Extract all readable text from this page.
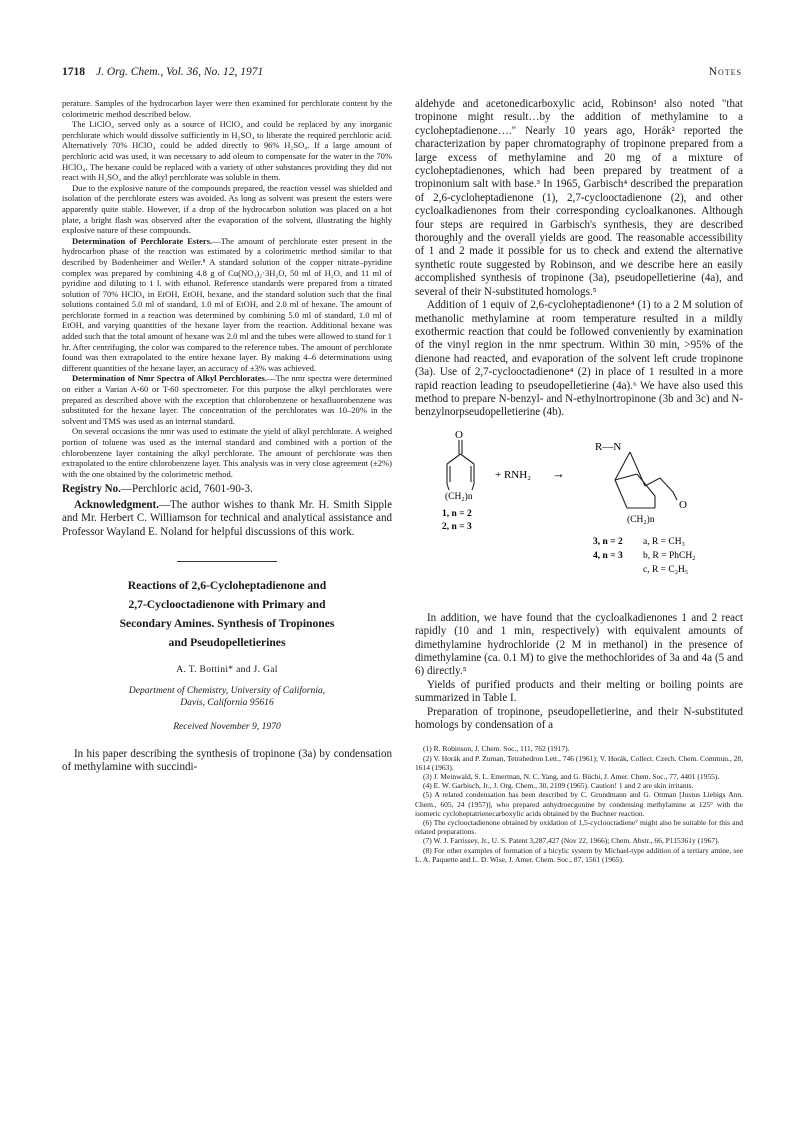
1718 J. Org. Chem., Vol. 36, No. 12, 1971	Notes

perature. Samples of the hydrocarbon layer were then examined for perchlorate content by the colorimetric method described below.

The LiClO₄ served only as a source of HClO₄ and could be replaced by any inorganic perchlorate which would dissolve sufficiently in H₂SO₄ to liberate the required perchloric acid. Alternatively 70% HClO₄ could be added directly to 96% H₂SO₄. If a large amount of perchloric acid was used, it was necessary to add oleum to compensate for the water in the 70% HClO₄. The hexane could be replaced with a variety of other substances providing they did not react with H₂SO₄ and the alkyl perchlorate was soluble in them.

Due to the explosive nature of the compounds prepared, the reaction vessel was shielded and isolation of the perchlorate esters was avoided. As long as solvent was present the esters were apparently quite stable. However, if a drop of the hydrocarbon solution was placed on a hot plate, a bright flash was observed after the evaporation of the solvent, illustrating the highly explosive nature of these compounds.

Determination of Perchlorate Esters.—The amount of perchlorate ester present in the hydrocarbon phase of the reaction was estimated by a colorimetric method similar to that described by Bodenheimer and Weiler.⁸ A standard solution of the copper nitrate–pyridine complex was prepared by combining 4.8 g of Cu(NO₃)₂·3H₂O, 50 ml of H₂O, and 11 ml of pyridine and diluting to 1 l. with ethanol. Reference standards were prepared from a titrated solution of 70% HClO₄ in EtOH, EtOH, hexane, and the standard solution such that the final solutions contained 5.0 ml of standard, 1.0 ml of EtOH, and 2.0 ml of hexane. The amount of perchlorate formed in a reaction was determined by combining 5.0 ml of standard, 1.0 ml of EtOH, and varying quantities of the hexane layer from the reaction. Additional hexane was added such that the total amount of hexane was 2.0 ml and the tubes were allowed to stand for 1 hr. After centrifuging, the color was compared to the reference tubes. The amount of perchlorate found was then extrapolated to the entire hexane layer. By making 4–6 determinations using different quantities of the hexane layer, an accuracy of ±3% was achieved.

Determination of Nmr Spectra of Alkyl Perchlorates.—The nmr spectra were determined on either a Varian A-60 or T-60 spectrometer. For this purpose the alkyl perchlorates were prepared as described above with the exception that chlorobenzene or hexafluorobenzene was substituted for the hexane layer. The concentration of the perchlorates was 10–20% in the solvent and TMS was used as an internal standard.

On several occasions the nmr was used to estimate the yield of alkyl perchlorate. A weighed portion of toluene was used as the internal standard and combined with a portion of the chlorobenzene layer containing the alkyl perchlorate. The amount of perchlorate was then extrapolated to the entire chlorobenzene layer. This analysis was in very close agreement (±2%) with the one obtained by the colorimetric method.

Registry No.—Perchloric acid, 7601-90-3.

Acknowledgment.—The author wishes to thank Mr. H. Smith Sipple and Mr. Herbert C. Williamson for technical and analytical assistance and Professor Wayland E. Noland for helpful discussions of this work.

Reactions of 2,6-Cycloheptadienone and
2,7-Cyclooctadienone with Primary and
Secondary Amines. Synthesis of Tropinones
and Pseudopelletierines
A. T. Bottini* and J. Gal
Department of Chemistry, University of California,
Davis, California 95616
Received November 9, 1970

In his paper describing the synthesis of tropinone (3a) by condensation of methylamine with succindi-

aldehyde and acetonedicarboxylic acid, Robinson¹ also noted "that tropinone might result…by the addition of methylamine to a cycloheptadienone…." Nearly 10 years ago, Horák² reported the characterization by paper chromatography of tropinone prepared from a large excess of methylamine and 20 mg of a mixture of cycloheptadienones, which had been prepared by treatment of a tropinonium salt with base.³ In 1965, Garbisch⁴ described the preparation of 2,6-cycloheptadienone (1), 2,7-cyclooctadienone (2), and other cycloalkadienones from their corresponding cycloalkanones. Although four steps are required in Garbisch's synthesis, they are described thoroughly and the overall yields are good. The reasonable accessibility of 1 and 2 made it possible for us to check and extend the alternative synthetic route suggested by Robinson, and we describe here an easily accomplished synthesis of tropinone (3a), pseudopelletierine (4a), and several of their N-substituted homologs.⁵

Addition of 1 equiv of 2,6-cycloheptadienone⁴ (1) to a 2 M solution of methanolic methylamine at room temperature resulted in a mildly exothermic reaction that could be followed conveniently by examination of the vinyl region in the nmr spectrum. Within 30 min, >95% of the dienone had reacted, and evaporation of the solvent left crude tropinone (3a). Use of 2,7-cyclooctadienone⁴ (2) in place of 1 resulted in a more rapid reaction leading to pseudopelletierine (4a).⁶ We have also used this method to prepare N-benzyl- and N-ethylnortropinone (3b and 3c) and N-benzylnorpseudopelletierine (4b).

O
(CH₂)n
1, n = 2
2, n = 3
+ RNH₂ →
R—N
O
(CH₂)n
3, n = 2
4, n = 3
a, R = CH₃
b, R = PhCH₂
c, R = C₂H₅

In addition, we have found that the cycloalkadienones 1 and 2 react rapidly (10 and 1 min, respectively) with equivalent amounts of dimethylamine hydrochloride (2 M in methanol) in the presence of dimethylamine (ca. 0.1 M) to give the methochlorides of 3a and 4a (5 and 6) directly.⁵

Yields of purified products and their melting or boiling points are summarized in Table I.

Preparation of tropinone, pseudopelletierine, and their N-substituted homologs by condensation of a

(1) R. Robinson, J. Chem. Soc., 111, 762 (1917).

(2) V. Horák and P. Zuman, Tetrahedron Lett., 746 (1961); V. Horák, Collect. Czech. Chem. Commun., 28, 1614 (1963).

(3) J. Meinwald, S. L. Emerman, N. C. Yang, and G. Büchi, J. Amer. Chem. Soc., 77, 4401 (1955).

(4) E. W. Garbisch, Jr., J. Org. Chem., 30, 2109 (1965). Caution! 1 and 2 are skin irritants.

(5) A related condensation has been described by C. Grundmann and G. Ottman [Justus Liebigs Ann. Chem., 605, 24 (1957)], who prepared anhydroecgonine by condensing methylamine at 125° with the isomeric cycloheptatrienecarboxylic acids obtained by the Buchner reaction.

(6) The cyclooctadienone obtained by oxidation of 1,5-cyclooctadiene⁷ might also be suitable for this and related preparations.

(7) W. J. Farrissey, Jr., U. S. Patent 3,287,427 (Nov 22, 1966); Chem. Abstr., 66, P115361y (1967).

(8) For other examples of formation of a bicylic system by Michael-type addition of a tertiary amine, see L. A. Paquette and L. D. Wise, J. Amer. Chem. Soc., 87, 1561 (1965).
